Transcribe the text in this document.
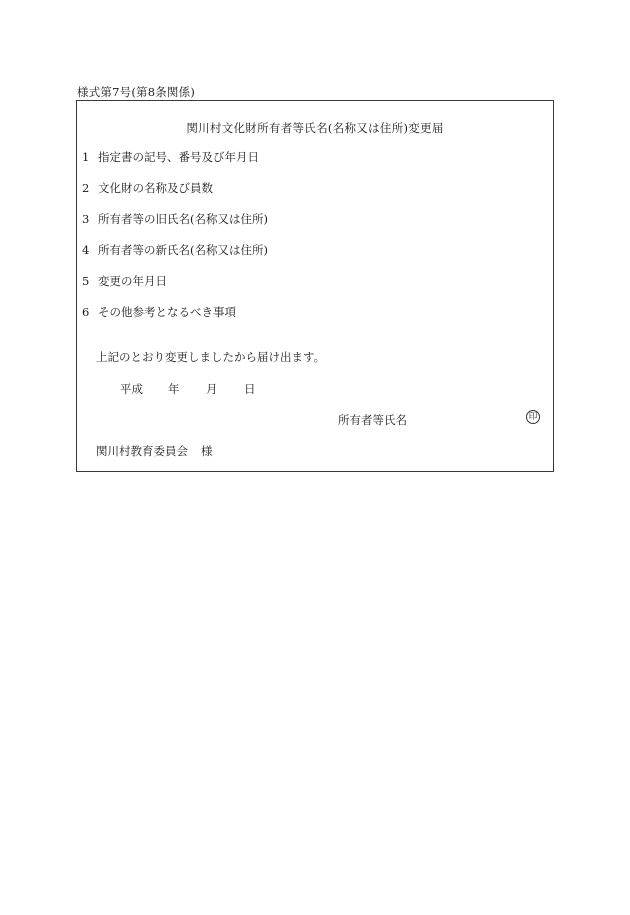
様式第7号(第8条関係)
関川村文化財所有者等氏名(名称又は住所)変更届
1 指定書の記号、番号及び年月日
2 文化財の名称及び員数
3 所有者等の旧氏名(名称又は住所)
4 所有者等の新氏名(名称又は住所)
5 変更の年月日
6 その他参考となるべき事項
上記のとおり変更しましたから届け出ます。
平成 年 月 日
所有者等氏名	印
関川村教育委員会 様
